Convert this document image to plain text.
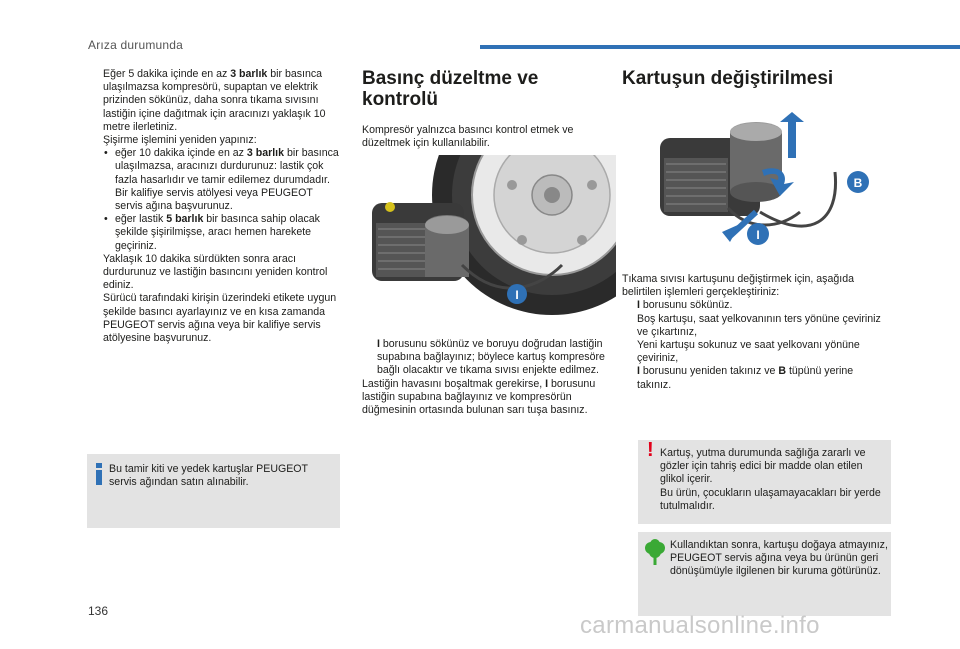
Arıza durumunda
Eğer 5 dakika içinde en az 3 barlık bir basınca ulaşılmazsa kompresörü, supaptan ve elektrik prizinden sökünüz, daha sonra tıkama sıvısını lastiğin içine dağıtmak için aracınızı yaklaşık 10 metre ilerletiniz.
Şişirme işlemini yeniden yapınız:
• eğer 10 dakika içinde en az 3 barlık bir basınca ulaşılmazsa, aracınızı durdurunuz: lastik çok fazla hasarlıdır ve tamir edilemez durumdadır. Bir kalifiye servis atölyesi veya PEUGEOT servis ağına başvurunuz.
• eğer lastik 5 barlık bir basınca sahip olacak şekilde şişirilmişse, aracı hemen harekete geçiriniz.
Yaklaşık 10 dakika sürdükten sonra aracı durdurunuz ve lastiğin basıncını yeniden kontrol ediniz.
Sürücü tarafındaki kirişin üzerindeki etikete uygun şekilde basıncı ayarlayınız ve en kısa zamanda PEUGEOT servis ağına veya bir kalifiye servis atölyesine başvurunuz.
Bu tamir kiti ve yedek kartuşlar PEUGEOT servis ağından satın alınabilir.
Basınç düzeltme ve kontrolü

Kompresör yalnızca basıncı kontrol etmek ve düzeltmek için kullanılabilir.

I
I borusunu sökünüz ve boruyu doğrudan lastiğin supabına bağlayınız; böylece kartuş kompresöre bağlı olacaktır ve tıkama sıvısı enjekte edilmez.

Lastiğin havasını boşaltmak gerekirse, I borusunu lastiğin supabına bağlayınız ve kompresörün düğmesinin ortasında bulunan sarı tuşa basınız.

Kartuşun değiştirilmesi
B
I

Tıkama sıvısı kartuşunu değiştirmek için, aşağıda belirtilen işlemleri gerçekleştiriniz:

I borusunu sökünüz.
Boş kartuşu, saat yelkovanının ters yönüne çeviriniz ve çıkartınız,
Yeni kartuşu sokunuz ve saat yelkovanı yönüne çeviriniz,
I borusunu yeniden takınız ve B tüpünü yerine takınız.
! Kartuş, yutma durumunda sağlığa zararlı ve gözler için tahriş edici bir madde olan etilen glikol içerir.

Bu ürün, çocukların ulaşamayacakları bir yerde tutulmalıdır.

Kullandıktan sonra, kartuşu doğaya atmayınız, PEUGEOT servis ağına veya bu ürünün geri dönüşümüyle ilgilenen bir kuruma götürünüz.
136
carmanualsonline.info
